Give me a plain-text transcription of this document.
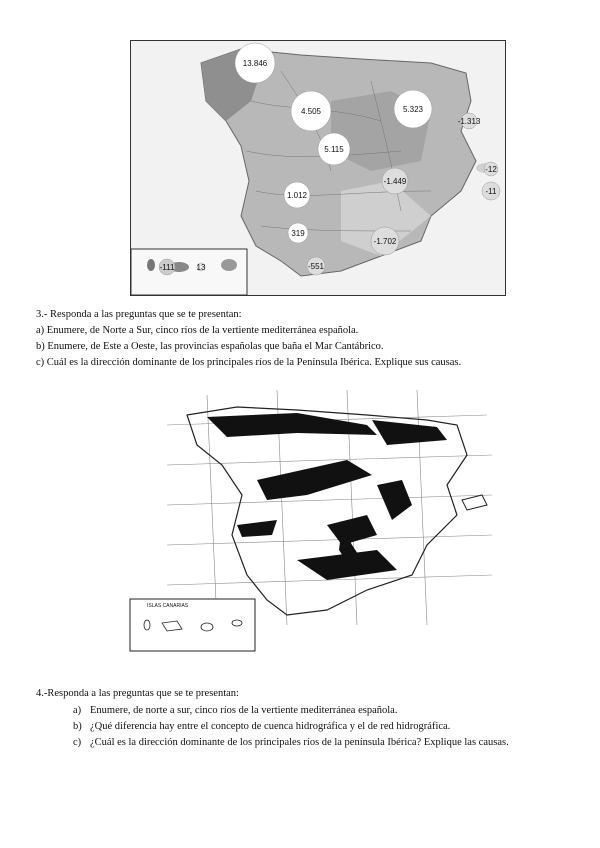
13.846
4.505	5.323
-1.313
5.115
1.012
-1.449
319
-1.702
-551
-111	13
-12
-11
3.- Responda a las preguntas que se te presentan:
a) Enumere, de Norte a Sur, cinco ríos de la vertiente mediterránea española.
b) Enumere, de Este a Oeste, las provincias españolas que baña el Mar Cantábrico.
c) Cuál es la dirección dominante de los principales ríos de la Península Ibérica. Explique sus causas.
ISLAS CANARIAS
4.-Responda a las preguntas que se te presentan:
a) Enumere, de norte a sur, cinco ríos de la vertiente mediterránea española.
b) ¿Qué diferencia hay entre el concepto de cuenca hidrográfica y el de red hidrográfica.
c) ¿Cuál es la dirección dominante de los principales ríos de la península Ibérica? Explique las causas.
